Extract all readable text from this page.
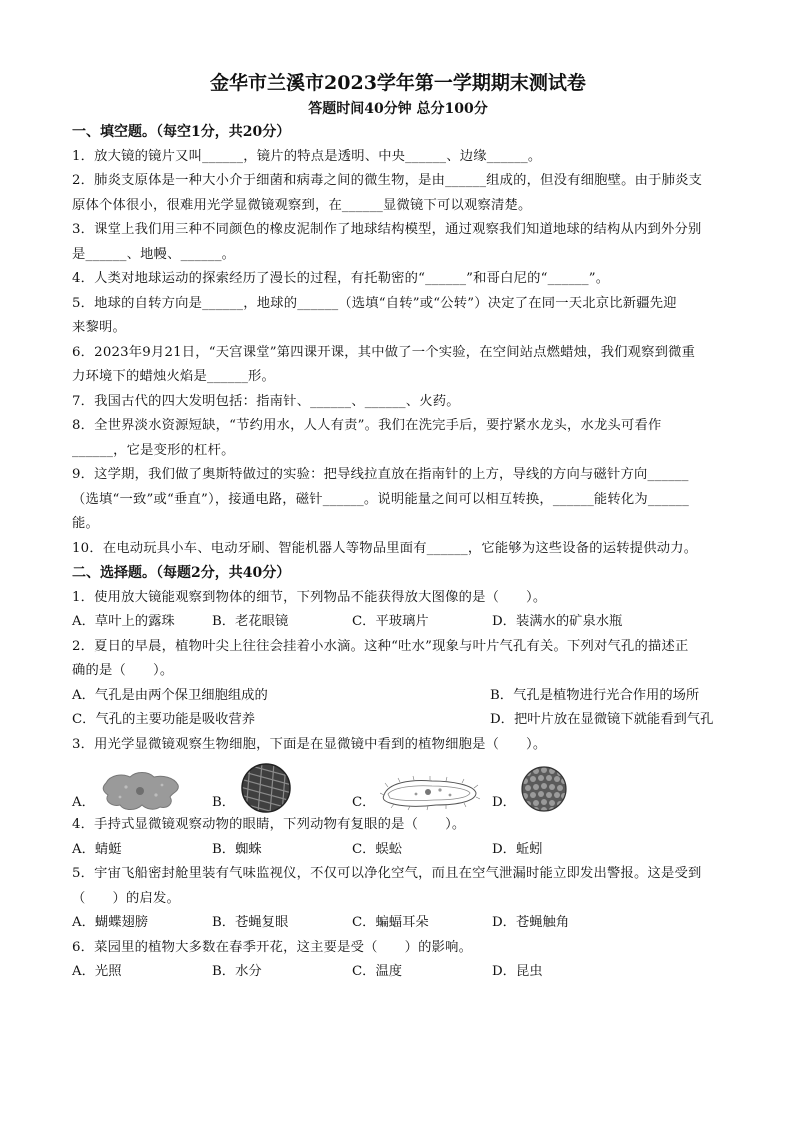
金华市兰溪市2023学年第一学期期末测试卷
答题时间40分钟 总分100分
一、填空题。（每空1分，共20分）
1．放大镜的镜片又叫______，镜片的特点是透明、中央______、边缘______。
2．肺炎支原体是一种大小介于细菌和病毒之间的微生物，是由______组成的，但没有细胞壁。由于肺炎支
原体个体很小，很难用光学显微镜观察到，在______显微镜下可以观察清楚。
3．课堂上我们用三种不同颜色的橡皮泥制作了地球结构模型，通过观察我们知道地球的结构从内到外分别
是______、地幔、______。
4．人类对地球运动的探索经历了漫长的过程，有托勒密的“______”和哥白尼的“______”。
5．地球的自转方向是______，地球的______（选填“自转”或“公转”）决定了在同一天北京比新疆先迎
来黎明。
6．2023年9月21日，“天宫课堂”第四课开课，其中做了一个实验，在空间站点燃蜡烛，我们观察到微重
力环境下的蜡烛火焰是______形。
7．我国古代的四大发明包括：指南针、______、______、火药。
8．全世界淡水资源短缺，“节约用水，人人有责”。我们在洗完手后，要拧紧水龙头，水龙头可看作
______，它是变形的杠杆。
9．这学期，我们做了奥斯特做过的实验：把导线拉直放在指南针的上方，导线的方向与磁针方向______
（选填“一致”或“垂直”），接通电路，磁针______。说明能量之间可以相互转换，______能转化为______
能。
10．在电动玩具小车、电动牙刷、智能机器人等物品里面有______，它能够为这些设备的运转提供动力。
二、选择题。（每题2分，共40分）
1．使用放大镜能观察到物体的细节，下列物品不能获得放大图像的是（　　）。
A．草叶上的露珠	B．老花眼镜	C．平玻璃片	D．装满水的矿泉水瓶
2．夏日的早晨，植物叶尖上往往会挂着小水滴。这种“吐水”现象与叶片气孔有关。下列对气孔的描述正
确的是（　　）。
A．气孔是由两个保卫细胞组成的	B．气孔是植物进行光合作用的场所
C．气孔的主要功能是吸收营养	D．把叶片放在显微镜下就能看到气孔
3．用光学显微镜观察生物细胞，下面是在显微镜中看到的植物细胞是（　　）。
A．	B．	C．	D．
4．手持式显微镜观察动物的眼睛，下列动物有复眼的是（　　）。
A．蜻蜓	B．蜘蛛	C．蜈蚣	D．蚯蚓
5．宇宙飞船密封舱里装有气味监视仪，不仅可以净化空气，而且在空气泄漏时能立即发出警报。这是受到
（　　）的启发。
A．蝴蝶翅膀	B．苍蝇复眼	C．蝙蝠耳朵	D．苍蝇触角
6．菜园里的植物大多数在春季开花，这主要是受（　　）的影响。
A．光照	B．水分	C．温度	D．昆虫
